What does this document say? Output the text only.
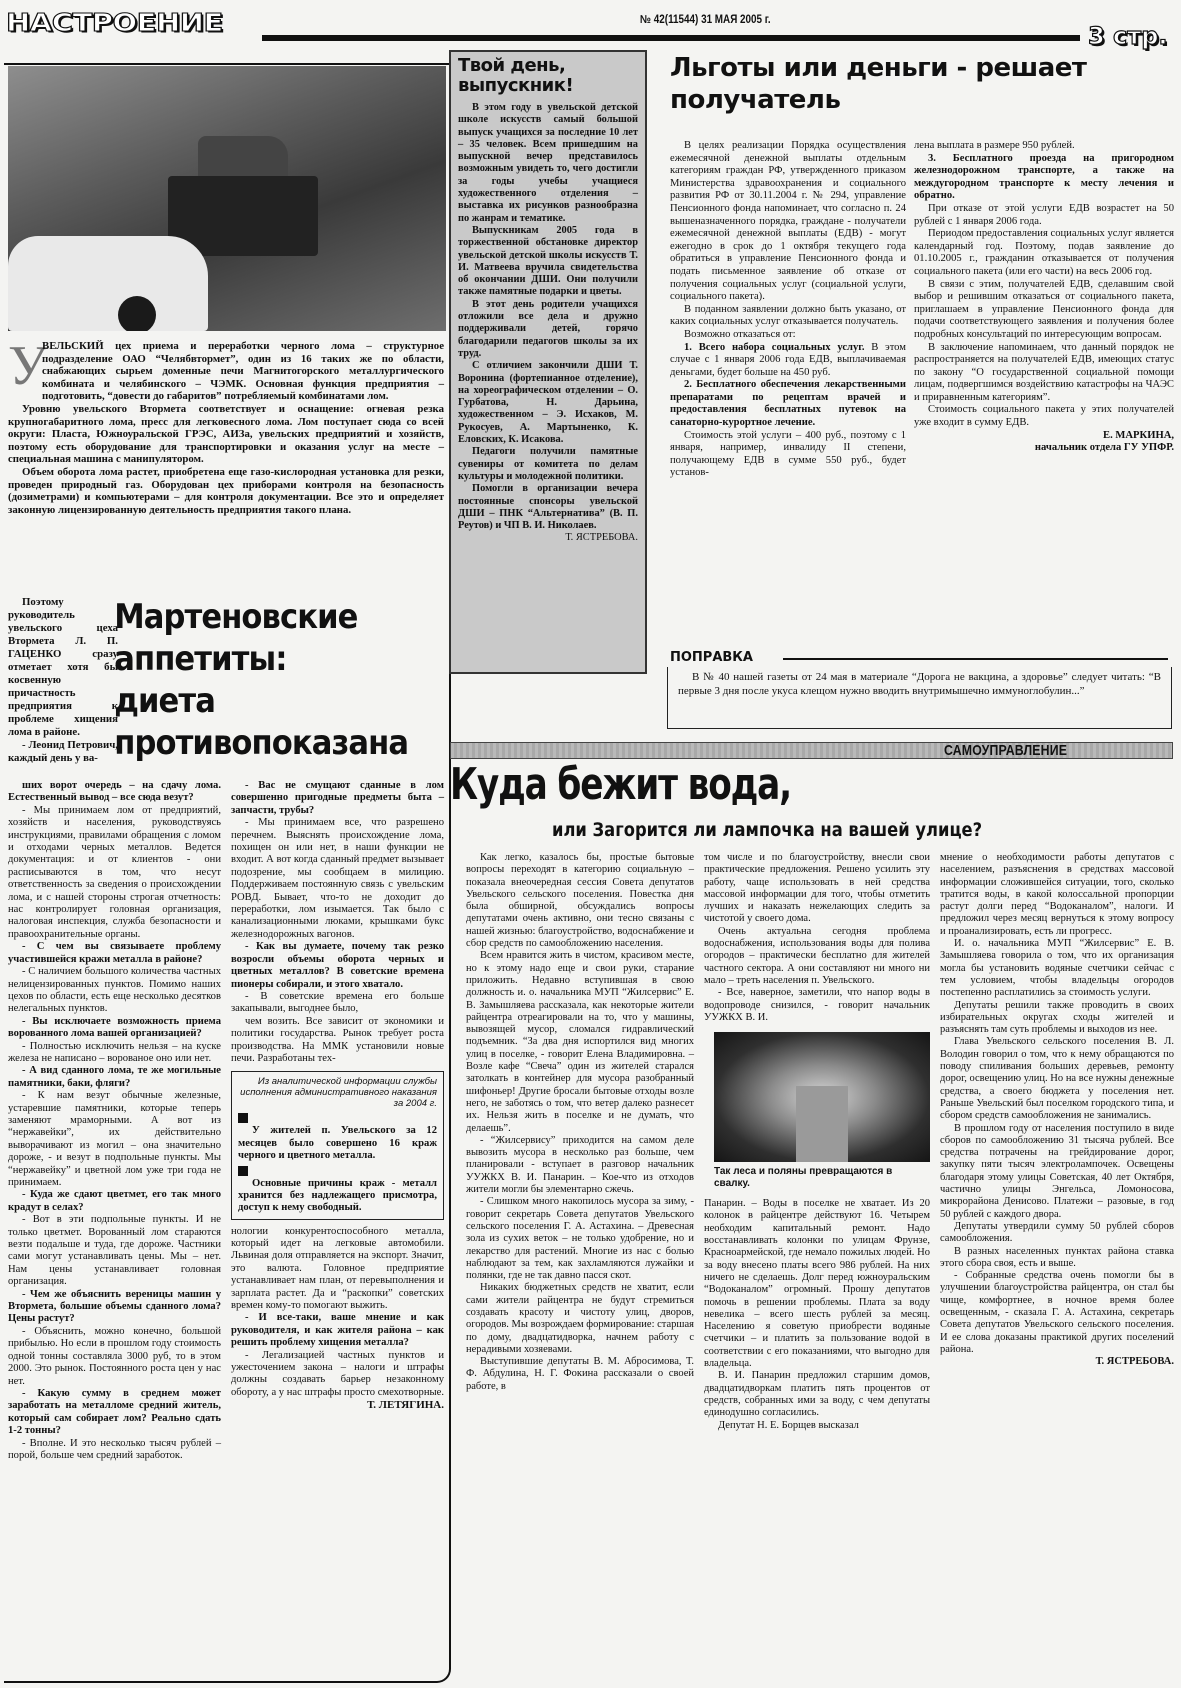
НАСТРОЕНИЕ	№ 42(11544) 31 МАЯ 2005 г.
3 стр.
У

ВЕЛЬСКИЙ цех приема и переработки черного лома – структурное подразделение ОАО “Челябвтормет”, один из 16 таких же по области, снабжающих сырьем доменные печи Магнитогорского металлургического комбината и челябинского – ЧЭМК. Основная функция предприятия – подготовить, “довести до габаритов” потребляемый комбинатами лом.

Уровню увельского Втормета соответствует и оснащение: огневая резка крупногабаритного лома, пресс для легковесного лома. Лом поступает сюда со всей округи: Пласта, Южноуральской ГРЭС, АИЗа, увельских предприятий и хозяйств, поэтому есть оборудование для транспортировки и оказания услуг на месте – специальная машина с манипулятором.

Объем оборота лома растет, приобретена еще газо-кислородная установка для резки, проведен природный газ. Оборудован цех приборами контроля на безопасность (дозиметрами) и компьютерами – для контроля документации. Все это и определяет законную лицензированную деятельность предприятия такого плана.

Поэтому руководитель увельского цеха Втормета Л. П. ГАЦЕНКО сразу отметает хотя бы косвенную причастность предприятия к проблеме хищения лома в районе.

- Леонид Петрович, каждый день у ва-

Мартеновские
аппетиты:
диета
противопоказана

ших ворот очередь – на сдачу лома. Естественный вывод – все сюда везут?

- Мы принимаем лом от предприятий, хозяйств и населения, руководствуясь инструкциями, правилами обращения с ломом и отходами черных металлов. Ведется документация: и от клиентов - они расписываются в том, что несут ответственность за сведения о происхождении лома, и с нашей стороны строгая отчетность: нас контролирует головная организация, налоговая инспекция, служба безопасности и правоохранительные органы.

- С чем вы связываете проблему участившейся кражи металла в районе?

- С наличием большого количества частных нелицензированных пунктов. Помимо наших цехов по области, есть еще несколько десятков нелегальных пунктов.

- Вы исключаете возможность приема ворованного лома вашей организацией?

- Полностью исключить нельзя – на куске железа не написано – ворованое оно или нет.

- А вид сданного лома, те же могильные памятники, баки, фляги?

- К нам везут обычные железные, устаревшие памятники, которые теперь заменяют мраморными. А вот из “нержавейки”, их действительно выворачивают из могил – она значительно дороже, - и везут в подпольные пункты. Мы “нержавейку” и цветной лом уже три года не принимаем.

- Куда же сдают цветмет, его так много крадут в селах?

- Вот в эти подпольные пункты. И не только цветмет. Ворованный лом стараются везти подальше и туда, где дороже. Частники сами могут устанавливать цены. Мы – нет. Нам цены устанавливает головная организация.

- Чем же объяснить вереницы машин у Втормета, большие объемы сданного лома? Цены растут?

- Объяснить, можно конечно, большой прибылью. Но если в прошлом году стоимость одной тонны составляла 3000 руб, то в этом 2000. Это рынок. Постоянного роста цен у нас нет.

- Какую сумму в среднем может заработать на металломе средний житель, который сам собирает лом? Реально сдать 1-2 тонны?

- Вполне. И это несколько тысяч рублей – порой, больше чем средний заработок.

- Вас не смущают сданные в лом совершенно пригодные предметы быта – запчасти, трубы?

- Мы принимаем все, что разрешено перечнем. Выяснять происхождение лома, похищен он или нет, в наши функции не входит. А вот когда сданный предмет вызывает подозрение, мы сообщаем в милицию. Поддерживаем постоянную связь с увельским РОВД. Бывает, что-то не доходит до переработки, лом изымается. Так было с канализационными люками, крышками букс железнодорожных вагонов.

- Как вы думаете, почему так резко возросли объемы оборота черных и цветных металлов? В советские времена пионеры собирали, и этого хватало.

- В советские времена его больше закапывали, выгоднее было,

чем возить. Все зависит от экономики и политики государства. Рынок требует роста производства. На ММК установили новые печи. Разработаны тех-

Из аналитической информации службы исполнения административного наказания за 2004 г.

У жителей п. Увельского за 12 месяцев было совершено 16 краж черного и цветного металла.

Основные причины краж - металл хранится без надлежащего присмотра, доступ к нему свободный.

нологии конкурентоспособного металла, который идет на легковые автомобили. Львиная доля отправляется на экспорт. Значит, это валюта. Головное предприятие устанавливает нам план, от перевыполнения и зарплата растет. Да и “раскопки” советских времен кому-то помогают выжить.

- И все-таки, ваше мнение и как руководителя, и как жителя района – как решить проблему хищения металла?

- Легализацией частных пунктов и ужесточением закона – налоги и штрафы должны создавать барьер незаконному обороту, а у нас штрафы просто смехотворные.

Т. ЛЕТЯГИНА.

Твой день, выпускник!

В этом году в увельской детской школе искусств самый большой выпуск учащихся за последние 10 лет – 35 человек. Всем пришедшим на выпускной вечер представилось возможным увидеть то, чего достигли за годы учебы учащиеся художественного отделения – выставка их рисунков разнообразна по жанрам и тематике.

Выпускникам 2005 года в торжественной обстановке директор увельской детской школы искусств Т. И. Матвеева вручила свидетельства об окончании ДШИ. Они получили также памятные подарки и цветы.

В этот день родители учащихся отложили все дела и дружно поддерживали детей, горячо благодарили педагогов школы за их труд.

С отличием закончили ДШИ Т. Воронина (фортепианное отделение), на хореографическом отделении – О. Гурбатова, Н. Дарьина, художественном – Э. Исхаков, М. Рукосуев, А. Мартыненко, К. Еловских, К. Исакова.

Педагоги получили памятные сувениры от комитета по делам культуры и молодежной политики.

Помогли в организации вечера постоянные спонсоры увельской ДШИ – ПНК “Альтернатива” (В. П. Реутов) и ЧП В. И. Николаев.

Т. ЯСТРЕБОВА.

Льготы или деньги - решает получатель

В целях реализации Порядка осуществления ежемесячной денежной выплаты отдельным категориям граждан РФ, утвержденного приказом Министерства здравоохранения и социального развития РФ от 30.11.2004 г. № 294, управление Пенсионного фонда напоминает, что согласно п. 24 вышеназначенного порядка, граждане - получатели ежемесячной денежной выплаты (ЕДВ) - могут ежегодно в срок до 1 октября текущего года обратиться в управление Пенсионного фонда и подать письменное заявление об отказе от получения социальных услуг (социальной услуги, социального пакета).

В поданном заявлении должно быть указано, от каких социальных услуг отказывается получатель.

Возможно отказаться от:

1. Всего набора социальных услуг. В этом случае с 1 января 2006 года ЕДВ, выплачиваемая деньгами, будет больше на 450 руб.

2. Бесплатного обеспечения лекарственными препаратами по рецептам врачей и предоставления бесплатных путевок на санаторно-курортное лечение.

Стоимость этой услуги – 400 руб., поэтому с 1 января, например, инвалиду II степени, получающему ЕДВ в сумме 550 руб., будет установ-

лена выплата в размере 950 рублей.

3. Бесплатного проезда на пригородном железнодорожном транспорте, а также на междугородном транспорте к месту лечения и обратно.

При отказе от этой услуги ЕДВ возрастет на 50 рублей с 1 января 2006 года.

Периодом предоставления социальных услуг является календарный год. Поэтому, подав заявление до 01.10.2005 г., гражданин отказывается от получения социального пакета (или его части) на весь 2006 год.

В связи с этим, получателей ЕДВ, сделавшим свой выбор и решившим отказаться от социального пакета, приглашаем в управление Пенсионного фонда для подачи соответствующего заявления и получения более подробных консультаций по интересующим вопросам.

В заключение напоминаем, что данный порядок не распространяется на получателей ЕДВ, имеющих статус по закону “О государственной социальной помощи лицам, подвергшимся воздействию катастрофы на ЧАЭС и приравненным категориям”.

Стоимость социального пакета у этих получателей уже входит в сумму ЕДВ.

Е. МАРКИНА,

начальник отдела ГУ УПФР.

ПОПРАВКА

В № 40 нашей газеты от 24 мая в материале “Дорога не вакцина, а здоровье” следует читать: “В первые 3 дня после укуса клещом нужно вводить внутримышечно иммуноглобулин...”

САМОУПРАВЛЕНИЕ
Куда бежит вода,
или Загорится ли лампочка на вашей улице?

Как легко, казалось бы, простые бытовые вопросы переходят в категорию социальную – показала внеочередная сессия Совета депутатов Увельского сельского поселения. Повестка дня была обширной, обсуждались вопросы депутатами очень активно, они тесно связаны с нашей жизнью: благоустройство, водоснабжение и сбор средств по самообложению населения.

Всем нравится жить в чистом, красивом месте, но к этому надо еще и свои руки, старание приложить. Недавно вступившая в свою должность и. о. начальника МУП “Жилсервис” Е. В. Замышляева рассказала, как некоторые жители райцентра отреагировали на то, что у машины, вывозящей мусор, сломался гидравлический подъемник. “За два дня испортился вид многих улиц в поселке, - говорит Елена Владимировна. – Возле кафе “Свеча” один из жителей старался затолкать в контейнер для мусора разобранный шифоньер! Другие бросали бытовые отходы возле него, не заботясь о том, что ветер далеко разнесет их. Нельзя жить в поселке и не думать, что делаешь”.

- “Жилсервису” приходится на самом деле вывозить мусора в несколько раз больше, чем планировали - вступает в разговор начальник УУЖКХ В. И. Панарин. – Кое-что из отходов жители могли бы элементарно сжечь.

- Слишком много накопилось мусора за зиму, - говорит секретарь Совета депутатов Увельского сельского поселения Г. А. Астахина. – Древесная зола из сухих веток – не только удобрение, но и лекарство для растений. Многие из нас с болью наблюдают за тем, как захламляются лужайки и полянки, где не так давно пасся скот.

Никаких бюджетных средств не хватит, если сами жители райцентра не будут стремиться создавать красоту и чистоту улиц, дворов, огородов. Мы возрождаем формирование: старшая по дому, двадцатидворка, начнем работу с нерадивыми хозяевами.

Выступившие депутаты В. М. Абросимова, Т. Ф. Абдулина, Н. Г. Фокина рассказали о своей работе, в

том числе и по благоустройству, внесли свои практические предложения. Решено усилить эту работу, чаще использовать в ней средства массовой информации для того, чтобы отметить лучших и наказать нежелающих следить за чистотой у своего дома.

Очень актуальна сегодня проблема водоснабжения, использования воды для полива огородов – практически бесплатно для жителей частного сектора. А они составляют ни много ни мало – треть населения п. Увельского.

- Все, наверное, заметили, что напор воды в водопроводе снизился, - говорит начальник УУЖКХ В. И.

Так леса и поляны превращаются в свалку.

Панарин. – Воды в поселке не хватает. Из 20 колонок в райцентре действуют 16. Четырем необходим капитальный ремонт. Надо восстанавливать колонки по улицам Фрунзе, Красноармейской, где немало пожилых людей. Но за воду внесено платы всего 986 рублей. На них ничего не сделаешь. Долг перед южноуральским “Водоканалом” огромный. Прошу депутатов помочь в решении проблемы. Плата за воду невелика – всего шесть рублей за месяц. Населению я советую приобрести водяные счетчики – и платить за пользование водой в соответствии с его показаниями, что выгодно для владельца.

В. И. Панарин предложил старшим домов, двадцатидворкам платить пять процентов от средств, собранных ими за воду, с чем депутаты единодушно согласились.

Депутат Н. Е. Борщев высказал

мнение о необходимости работы депутатов с населением, разъяснения в средствах массовой информации сложившейся ситуации, того, сколько тратится воды, в какой колоссальной пропорции растут долги перед “Водоканалом”, налоги. И предложил через месяц вернуться к этому вопросу и проанализировать, есть ли прогресс.

И. о. начальника МУП “Жилсервис” Е. В. Замышляева говорила о том, что их организация могла бы установить водяные счетчики сейчас с тем условием, чтобы владельцы огородов постепенно расплатились за стоимость услуги.

Депутаты решили также проводить в своих избирательных округах сходы жителей и разъяснять там суть проблемы и выходов из нее.

Глава Увельского сельского поселения В. Л. Володин говорил о том, что к нему обращаются по поводу спиливания больших деревьев, ремонту дорог, освещению улиц. Но на все нужны денежные средства, а своего бюджета у поселения нет. Раньше Увельский был поселком городского типа, и сбором средств самообложения не занимались.

В прошлом году от населения поступило в виде сборов по самообложению 31 тысяча рублей. Все средства потрачены на грейдирование дорог, закупку пяти тысяч электролампочек. Освещены благодаря этому улицы Советская, 40 лет Октября, частично улицы Энгельса, Ломоносова, микрорайона Денисово. Платежи – разовые, в год 50 рублей с каждого двора.

Депутаты утвердили сумму 50 рублей сборов самообложения.

В разных населенных пунктах района ставка этого сбора своя, есть и выше.

- Собранные средства очень помогли бы в улучшении благоустройства райцентра, он стал бы чище, комфортнее, в ночное время более освещенным, - сказала Г. А. Астахина, секретарь Совета депутатов Увельского сельского поселения. И ее слова доказаны практикой других поселений района.

Т. ЯСТРЕБОВА.
